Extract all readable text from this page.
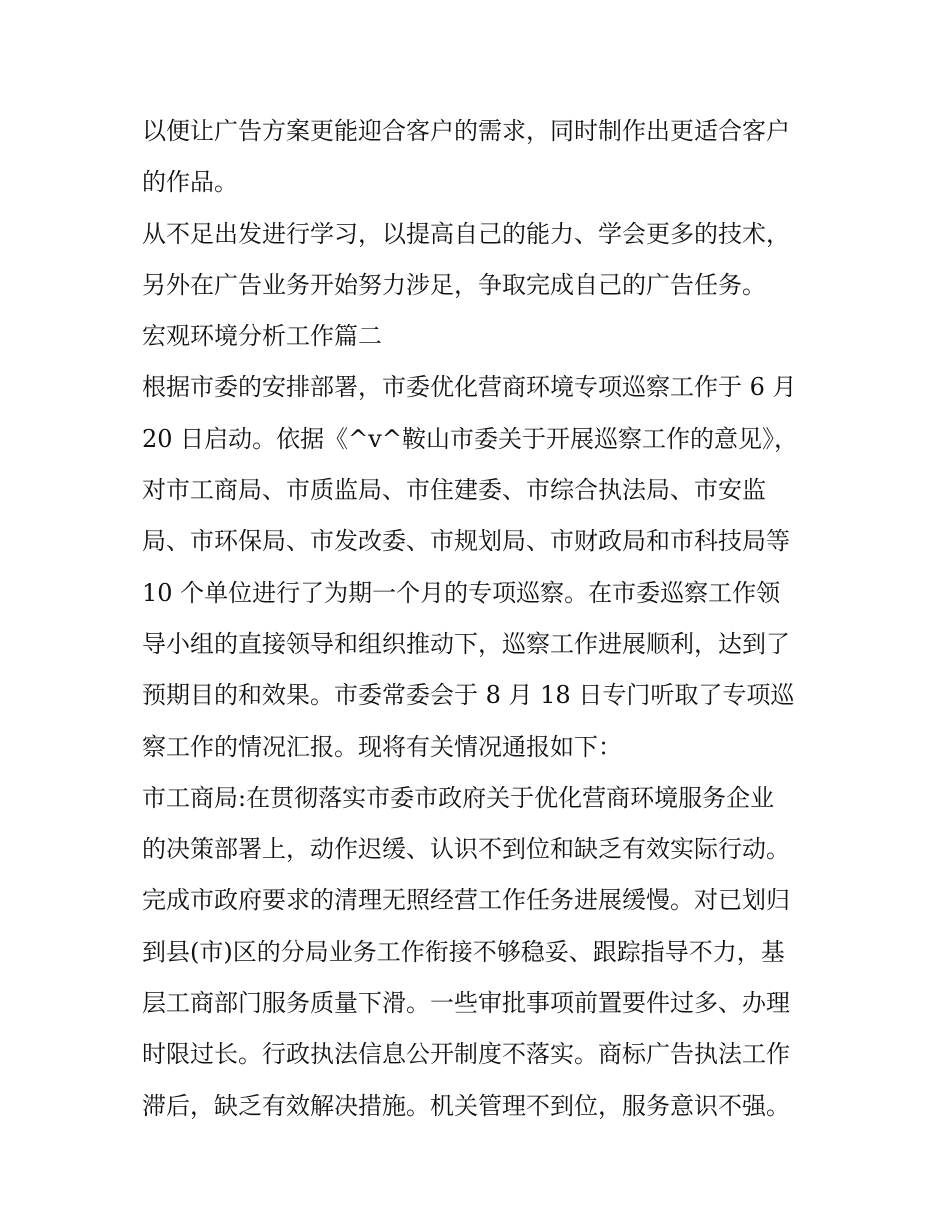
以便让广告方案更能迎合客户的需求，同时制作出更适合客户
的作品。
从不足出发进行学习，以提高自己的能力、学会更多的技术，
另外在广告业务开始努力涉足，争取完成自己的广告任务。
宏观环境分析工作篇二
根据市委的安排部署，市委优化营商环境专项巡察工作于 6 月
20 日启动。依据《^v^鞍山市委关于开展巡察工作的意见》，
对市工商局、市质监局、市住建委、市综合执法局、市安监
局、市环保局、市发改委、市规划局、市财政局和市科技局等
10 个单位进行了为期一个月的专项巡察。在市委巡察工作领
导小组的直接领导和组织推动下，巡察工作进展顺利，达到了
预期目的和效果。市委常委会于 8 月 18 日专门听取了专项巡
察工作的情况汇报。现将有关情况通报如下：
市工商局:在贯彻落实市委市政府关于优化营商环境服务企业
的决策部署上，动作迟缓、认识不到位和缺乏有效实际行动。
完成市政府要求的清理无照经营工作任务进展缓慢。对已划归
到县(市)区的分局业务工作衔接不够稳妥、跟踪指导不力，基
层工商部门服务质量下滑。一些审批事项前置要件过多、办理
时限过长。行政执法信息公开制度不落实。商标广告执法工作
滞后，缺乏有效解决措施。机关管理不到位，服务意识不强。
